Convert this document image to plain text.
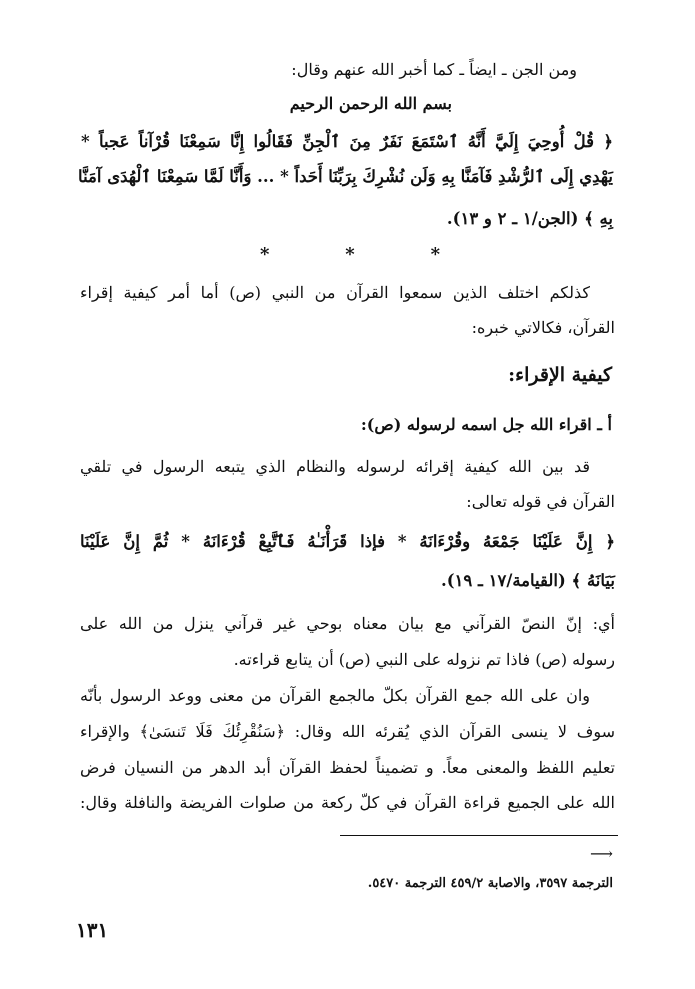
ومن الجن ـ ايضاً ـ كما أخبر الله عنهم وقال:
بسم الله الرحمن الرحيم
﴿ قُلْ أُوحِيَ إِلَيَّ أَنَّهُ ٱسْتَمَعَ نَفَرٌ مِنَ ٱلْجِنِّ فَقَالُوا إِنَّا سَمِعْنَا قُرْآناً عَجباً *
يَهْدِي إِلَى ٱلرُّشْدِ فَآمَنَّا بِهِ وَلَن نُشْرِكَ بِرَبِّنَا أَحَداً * ... وَأَنَّا لَمَّا سَمِعْنَا ٱلْهُدَى آمَنَّا
بِهِ ﴾ (الجن/١ ـ ٢ و ١٣).
*	*	*
كذلكم اختلف الذين سمعوا القرآن من النبي (ص) أما أمر كيفية إقراء
القرآن، فكالاتي خبره:
كيفية الإقراء:
أ ـ اقراء الله جل اسمه لرسوله (ص):
قد بين الله كيفية إقرائه لرسوله والنظام الذي يتبعه الرسول في تلقي
القرآن في قوله تعالى:
﴿ إِنَّ عَلَيْنَا جَمْعَهُ وقُرْءَانَهُ * فإذا قَرَأْنَـٰهُ فَٱتَّبِعْ قُرْءَانَهُ * ثُمَّ إِنَّ عَلَيْنَا
بَيَانَهُ ﴾ (القيامة/١٧ ـ ١٩).
أي: إنّ النصّ القرآني مع بيان معناه بوحي غير قرآني ينزل من الله على
رسوله (ص) فاذا تم نزوله على النبي (ص) أن يتابع قراءته.
وان على الله جمع القرآن بكلّ مالجمع القرآن من معنى ووعد الرسول بأنّه
سوف لا ينسى القرآن الذي يُقرئه الله وقال: ﴿سَنُقْرِئُكَ فَلَا تَنسَىٰ﴾ والإقراء
تعليم اللفظ والمعنى معاً. و تضميناً لحفظ القرآن أبد الدهر من النسيان فرض
الله على الجميع قراءة القرآن في كلّ ركعة من صلوات الفريضة والنافلة وقال:
⟶
الترجمة ٣٥٩٧، والاصابة ٤٥٩/٢ الترجمة ٥٤٧٠.
١٣١
